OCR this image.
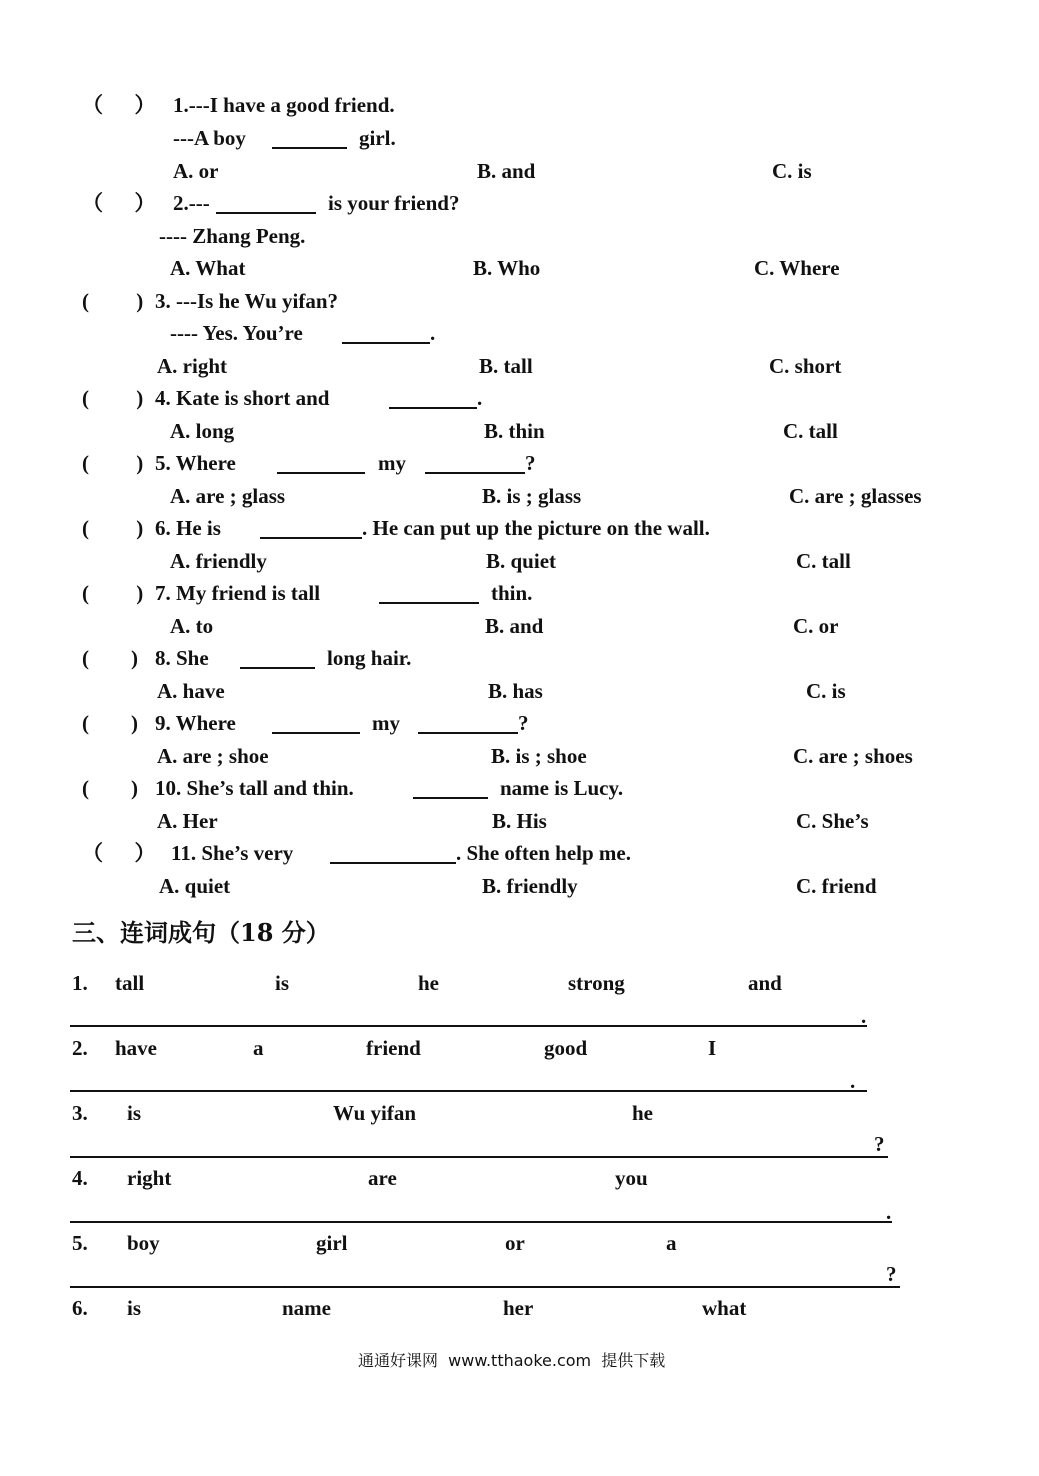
（      ） 1.---I have a good friend.
---A boy	girl.
A. or	B. and	C. is
（      ） 2.---	is your friend?
---- Zhang Peng.
A. What	B. Who	C. Where
(         ) 3. ---Is he Wu yifan?
---- Yes. You’re	.
A. right	B. tall	C. short
(         ) 4. Kate is short and	.
A. long	B. thin	C. tall
(         ) 5. Where	my	?
A. are ; glass	B. is ; glass	C. are ; glasses
(         ) 6. He is	. He can put up the picture on the wall.
A. friendly	B. quiet	C. tall
(         ) 7. My friend is tall	thin.
A. to	B. and	C. or
(        ) 8. She	long hair.
A. have	B. has	C. is
(        ) 9. Where	my	?
A. are ; shoe	B. is ; shoe	C. are ; shoes
(        ) 10. She’s tall and thin.	name is Lucy.
A. Her	B. His	C. She’s
（      ） 11. She’s very	. She often help me.
A. quiet	B. friendly	C. friend
三、连词成句（18 分）
1. tall	is	he	strong	and
.
2. have	a	friend	good	I
.
3. is	Wu yifan	he
?
4. right	are	you
.
5. boy	girl	or	a
?
6. is	name	her	what
通通好课网  www.tthaoke.com  提供下载
